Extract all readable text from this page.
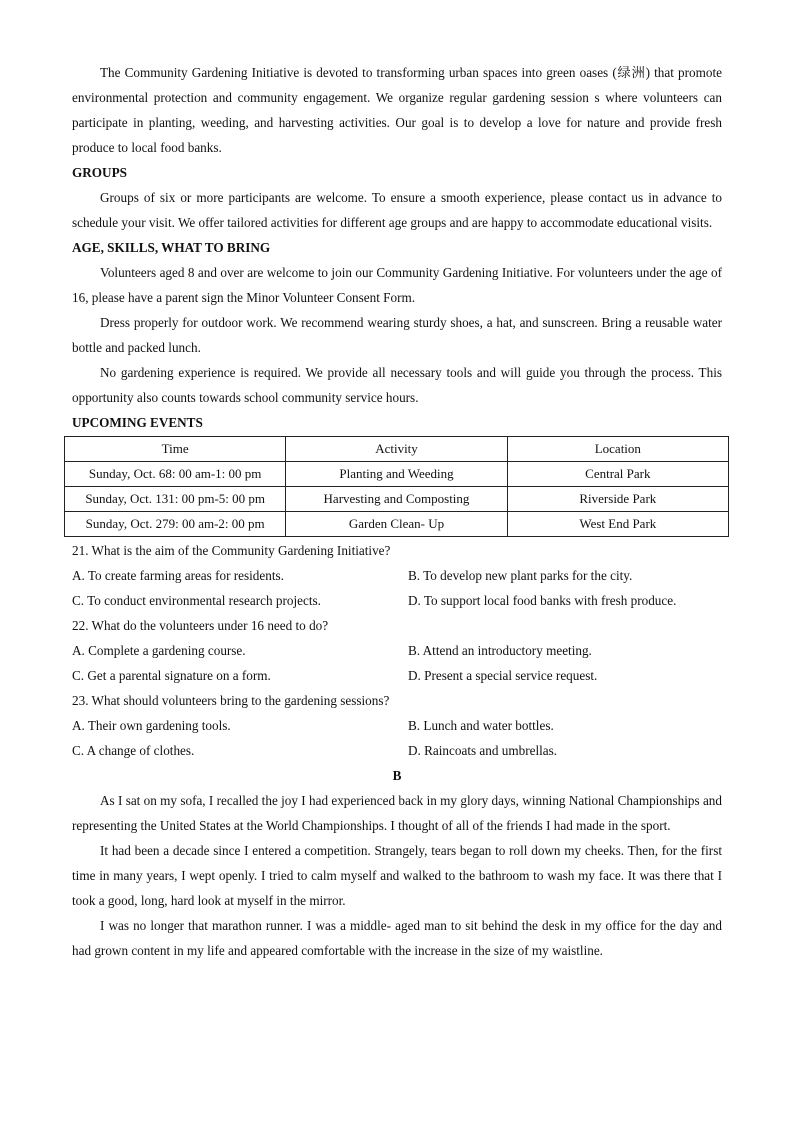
The Community Gardening Initiative is devoted to transforming urban spaces into green oases (绿洲) that promote environmental protection and community engagement. We organize regular gardening session s where volunteers can participate in planting, weeding, and harvesting activities. Our goal is to develop a love for nature and provide fresh produce to local food banks.

GROUPS

Groups of six or more participants are welcome. To ensure a smooth experience, please contact us in advance to schedule your visit. We offer tailored activities for different age groups and are happy to accommodate educational visits.

AGE, SKILLS, WHAT TO BRING

Volunteers aged 8 and over are welcome to join our Community Gardening Initiative. For volunteers under the age of 16, please have a parent sign the Minor Volunteer Consent Form.

Dress properly for outdoor work. We recommend wearing sturdy shoes, a hat, and sunscreen. Bring a reusable water bottle and packed lunch.

No gardening experience is required. We provide all necessary tools and will guide you through the process. This opportunity also counts towards school community service hours.

UPCOMING EVENTS
Time	Activity	Location
Sunday, Oct. 68: 00 am-1: 00 pm	Planting and Weeding	Central Park
Sunday, Oct. 131: 00 pm-5: 00 pm	Harvesting and Composting	Riverside Park
Sunday, Oct. 279: 00 am-2: 00 pm	Garden Clean- Up	West End Park

21. What is the aim of the Community Gardening Initiative?

A. To create farming areas for residents.	B. To develop new plant parks for the city.
C. To conduct environmental research projects.	D. To support local food banks with fresh produce.

22. What do the volunteers under 16 need to do?

A. Complete a gardening course.	B. Attend an introductory meeting.
C. Get a parental signature on a form.	D. Present a special service request.

23. What should volunteers bring to the gardening sessions?

A. Their own gardening tools.	B. Lunch and water bottles.
C. A change of clothes.	D. Raincoats and umbrellas.
B

As I sat on my sofa, I recalled the joy I had experienced back in my glory days, winning National Championships and representing the United States at the World Championships. I thought of all of the friends I had made in the sport.

It had been a decade since I entered a competition. Strangely, tears began to roll down my cheeks. Then, for the first time in many years, I wept openly. I tried to calm myself and walked to the bathroom to wash my face. It was there that I took a good, long, hard look at myself in the mirror.

I was no longer that marathon runner. I was a middle- aged man to sit behind the desk in my office for the day and had grown content in my life and appeared comfortable with the increase in the size of my waistline.
